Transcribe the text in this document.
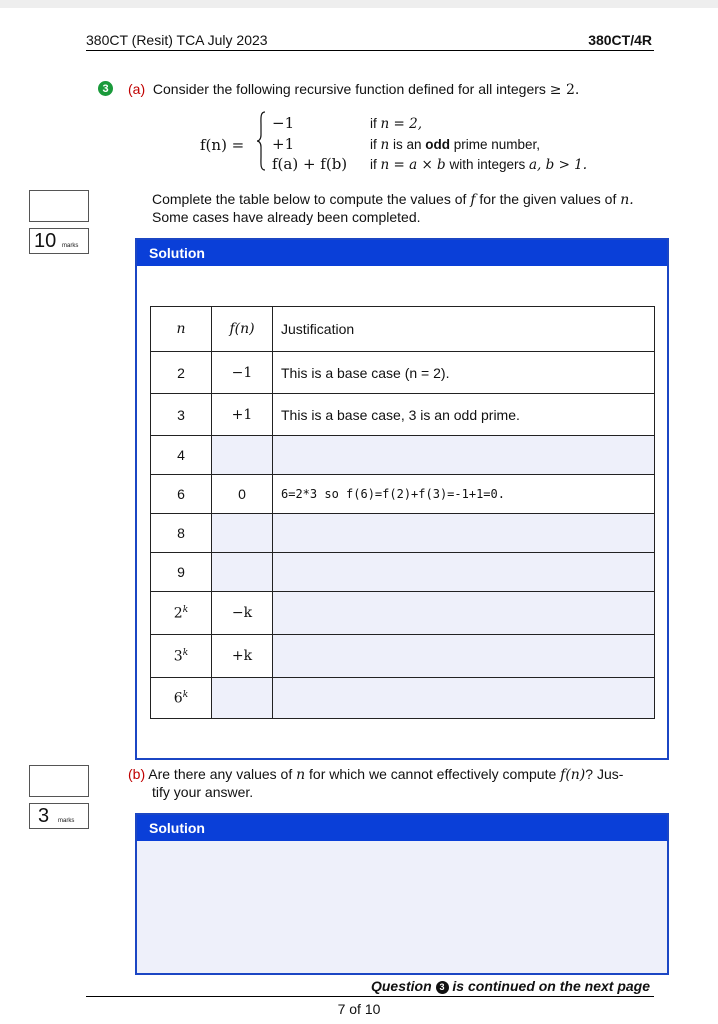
380CT (Resit) TCA July 2023	380CT/4R
3 (a) Consider the following recursive function defined for all integers ≥ 2.
f(n) =
−1	if n = 2,
+1	if n is an odd prime number,
f(a) + f(b) if n = a × b with integers a, b > 1.
Complete the table below to compute the values of f for the given values of n.
Some cases have already been completed.
10 marks	Solution
n	f(n)	Justification
2	−1	This is a base case (n = 2).
3	+1	This is a base case, 3 is an odd prime.
4		
6	0	6=2*3 so f(6)=f(2)+f(3)=-1+1=0.
8		
9		
$2^k$	−k	
$3^k$	+k	
6$^k$		
3 marks
(b) Are there any values of n for which we cannot effectively compute f(n)? Jus-
tify your answer.
Solution
Question 3 is continued on the next page
7 of 10
